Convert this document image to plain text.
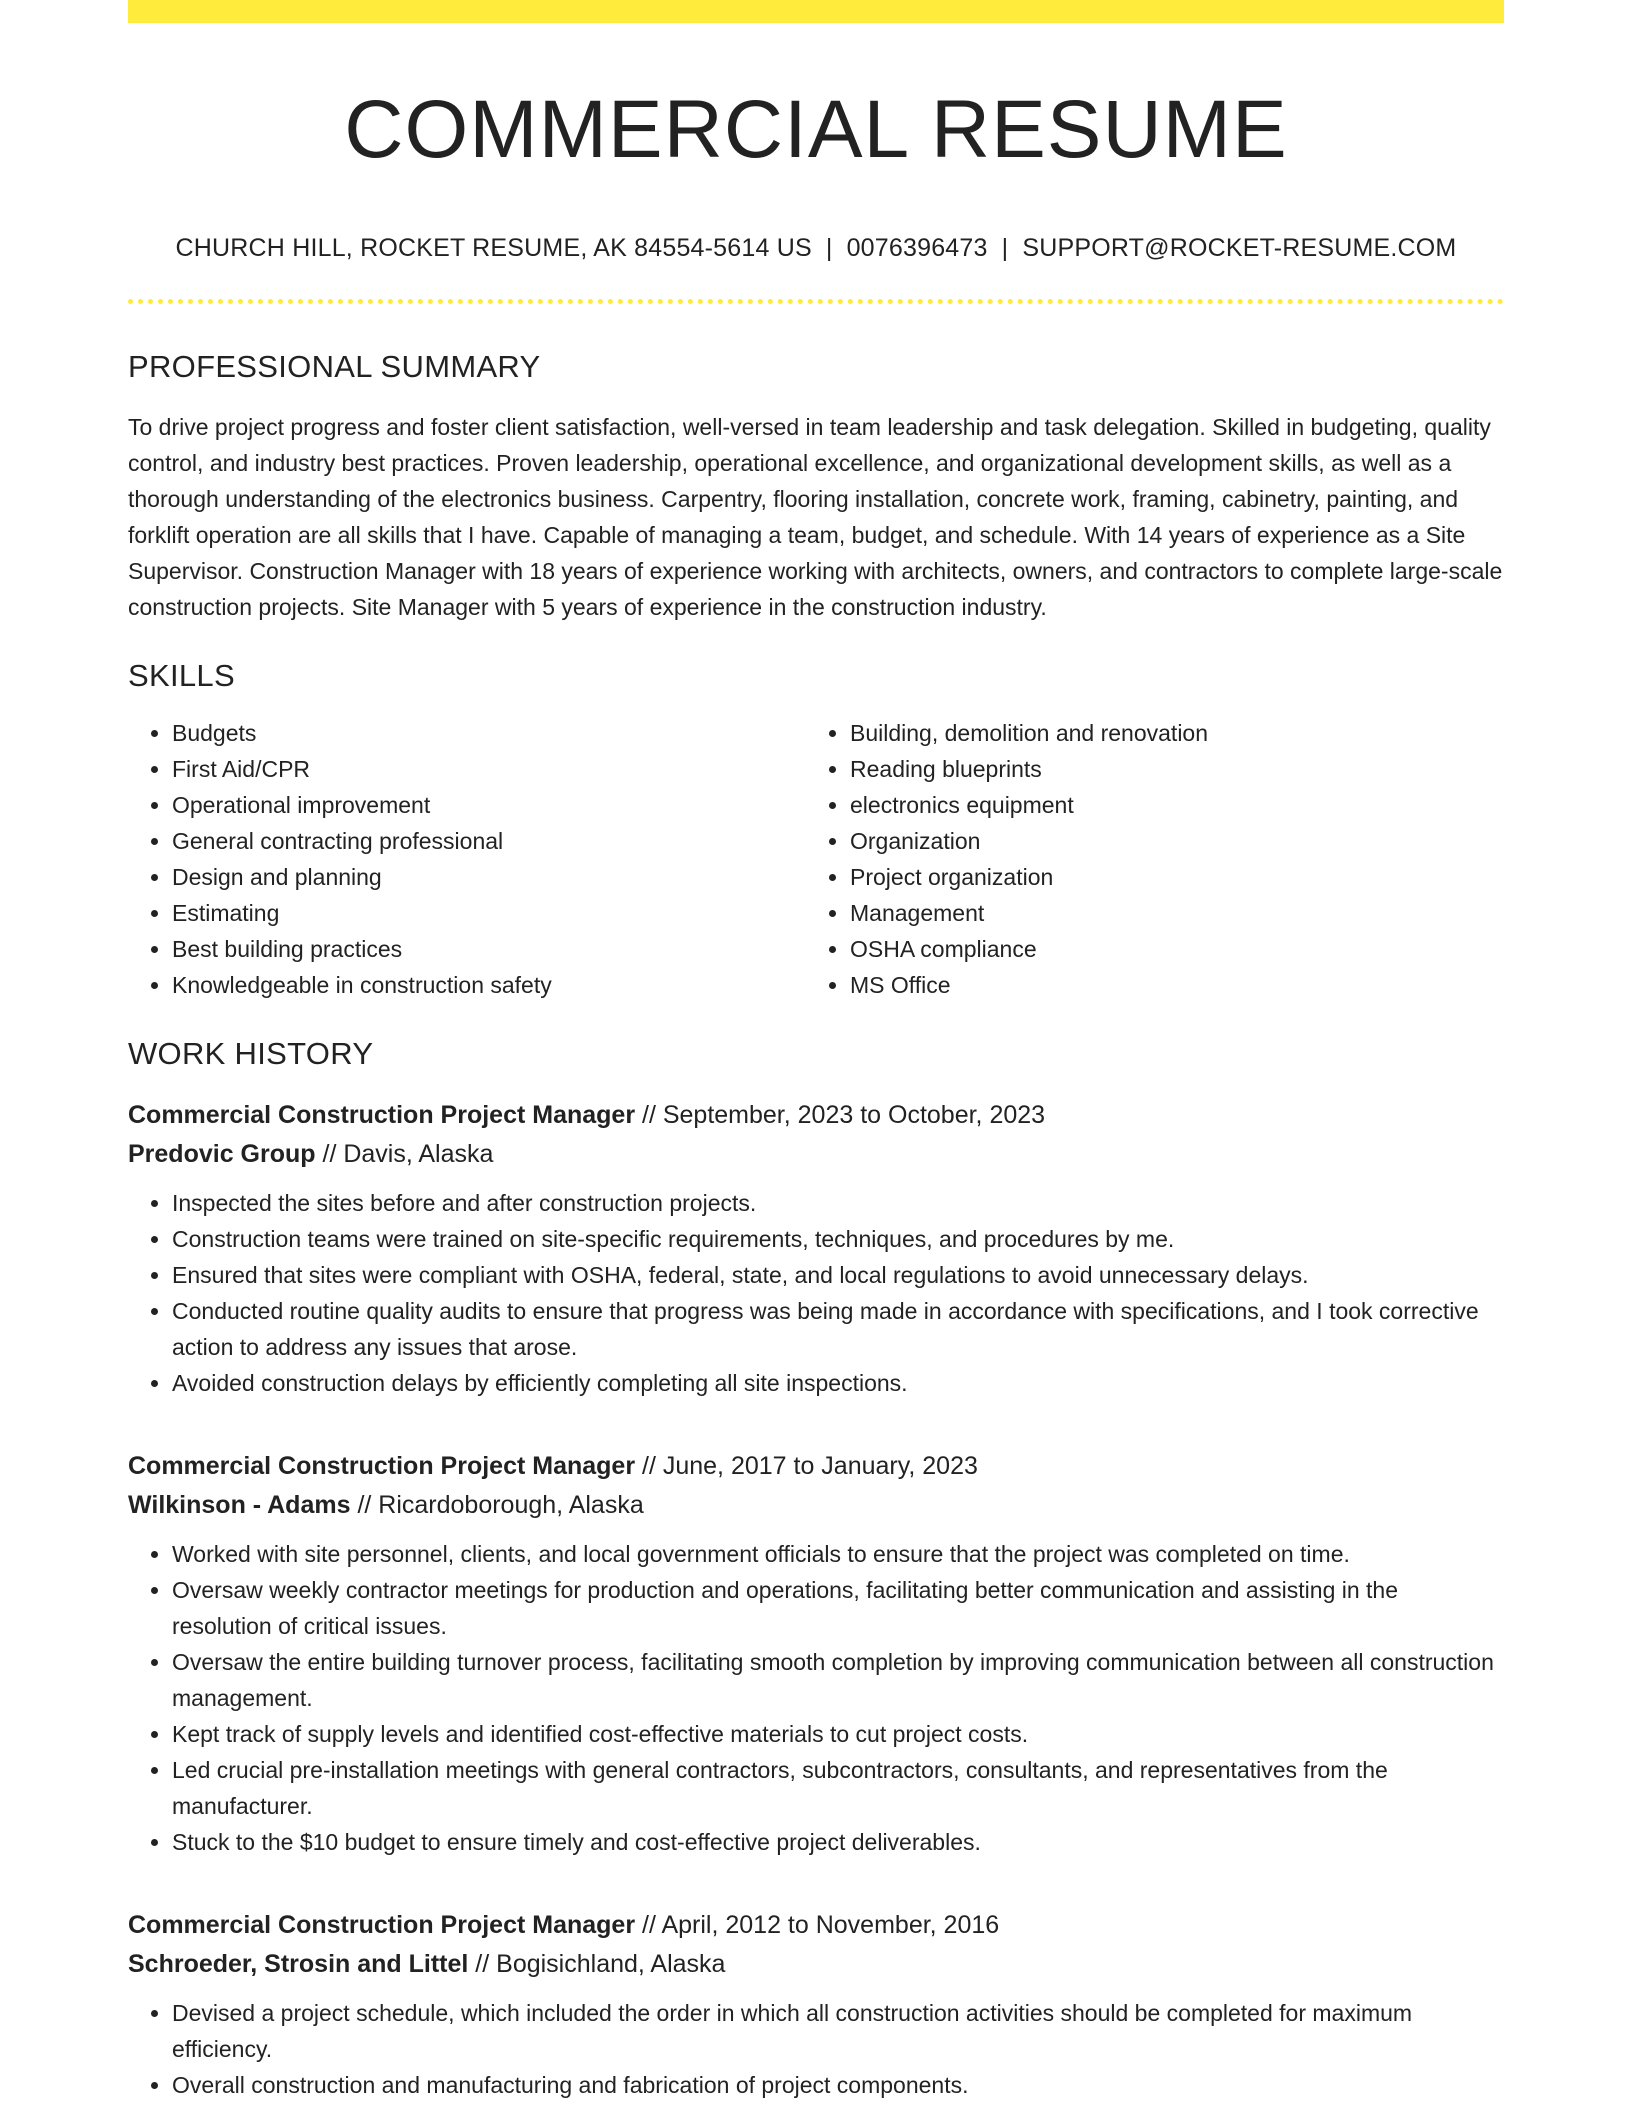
COMMERCIAL RESUME
CHURCH HILL, ROCKET RESUME, AK 84554-5614 US | 0076396473 | SUPPORT@ROCKET-RESUME.COM
PROFESSIONAL SUMMARY

To drive project progress and foster client satisfaction, well-versed in team leadership and task delegation. Skilled in budgeting, quality control, and industry best practices. Proven leadership, operational excellence, and organizational development skills, as well as a thorough understanding of the electronics business. Carpentry, flooring installation, concrete work, framing, cabinetry, painting, and forklift operation are all skills that I have. Capable of managing a team, budget, and schedule. With 14 years of experience as a Site Supervisor. Construction Manager with 18 years of experience working with architects, owners, and contractors to complete large-scale construction projects. Site Manager with 5 years of experience in the construction industry.

SKILLS
• Budgets
• First Aid/CPR
• Operational improvement
• General contracting professional
• Design and planning
• Estimating
• Best building practices
• Knowledgeable in construction safety
• Building, demolition and renovation
• Reading blueprints
• electronics equipment
• Organization
• Project organization
• Management
• OSHA compliance
• MS Office
WORK HISTORY
Commercial Construction Project Manager // September, 2023 to October, 2023
Predovic Group // Davis, Alaska
• Inspected the sites before and after construction projects.
• Construction teams were trained on site-specific requirements, techniques, and procedures by me.
• Ensured that sites were compliant with OSHA, federal, state, and local regulations to avoid unnecessary delays.
• Conducted routine quality audits to ensure that progress was being made in accordance with specifications, and I took corrective action to address any issues that arose.
• Avoided construction delays by efficiently completing all site inspections.
Commercial Construction Project Manager // June, 2017 to January, 2023
Wilkinson - Adams // Ricardoborough, Alaska
• Worked with site personnel, clients, and local government officials to ensure that the project was completed on time.
• Oversaw weekly contractor meetings for production and operations, facilitating better communication and assisting in the resolution of critical issues.
• Oversaw the entire building turnover process, facilitating smooth completion by improving communication between all construction management.
• Kept track of supply levels and identified cost-effective materials to cut project costs.
• Led crucial pre-installation meetings with general contractors, subcontractors, consultants, and representatives from the manufacturer.
• Stuck to the $10 budget to ensure timely and cost-effective project deliverables.
Commercial Construction Project Manager // April, 2012 to November, 2016
Schroeder, Strosin and Littel // Bogisichland, Alaska
• Devised a project schedule, which included the order in which all construction activities should be completed for maximum efficiency.
• Overall construction and manufacturing and fabrication of project components.
